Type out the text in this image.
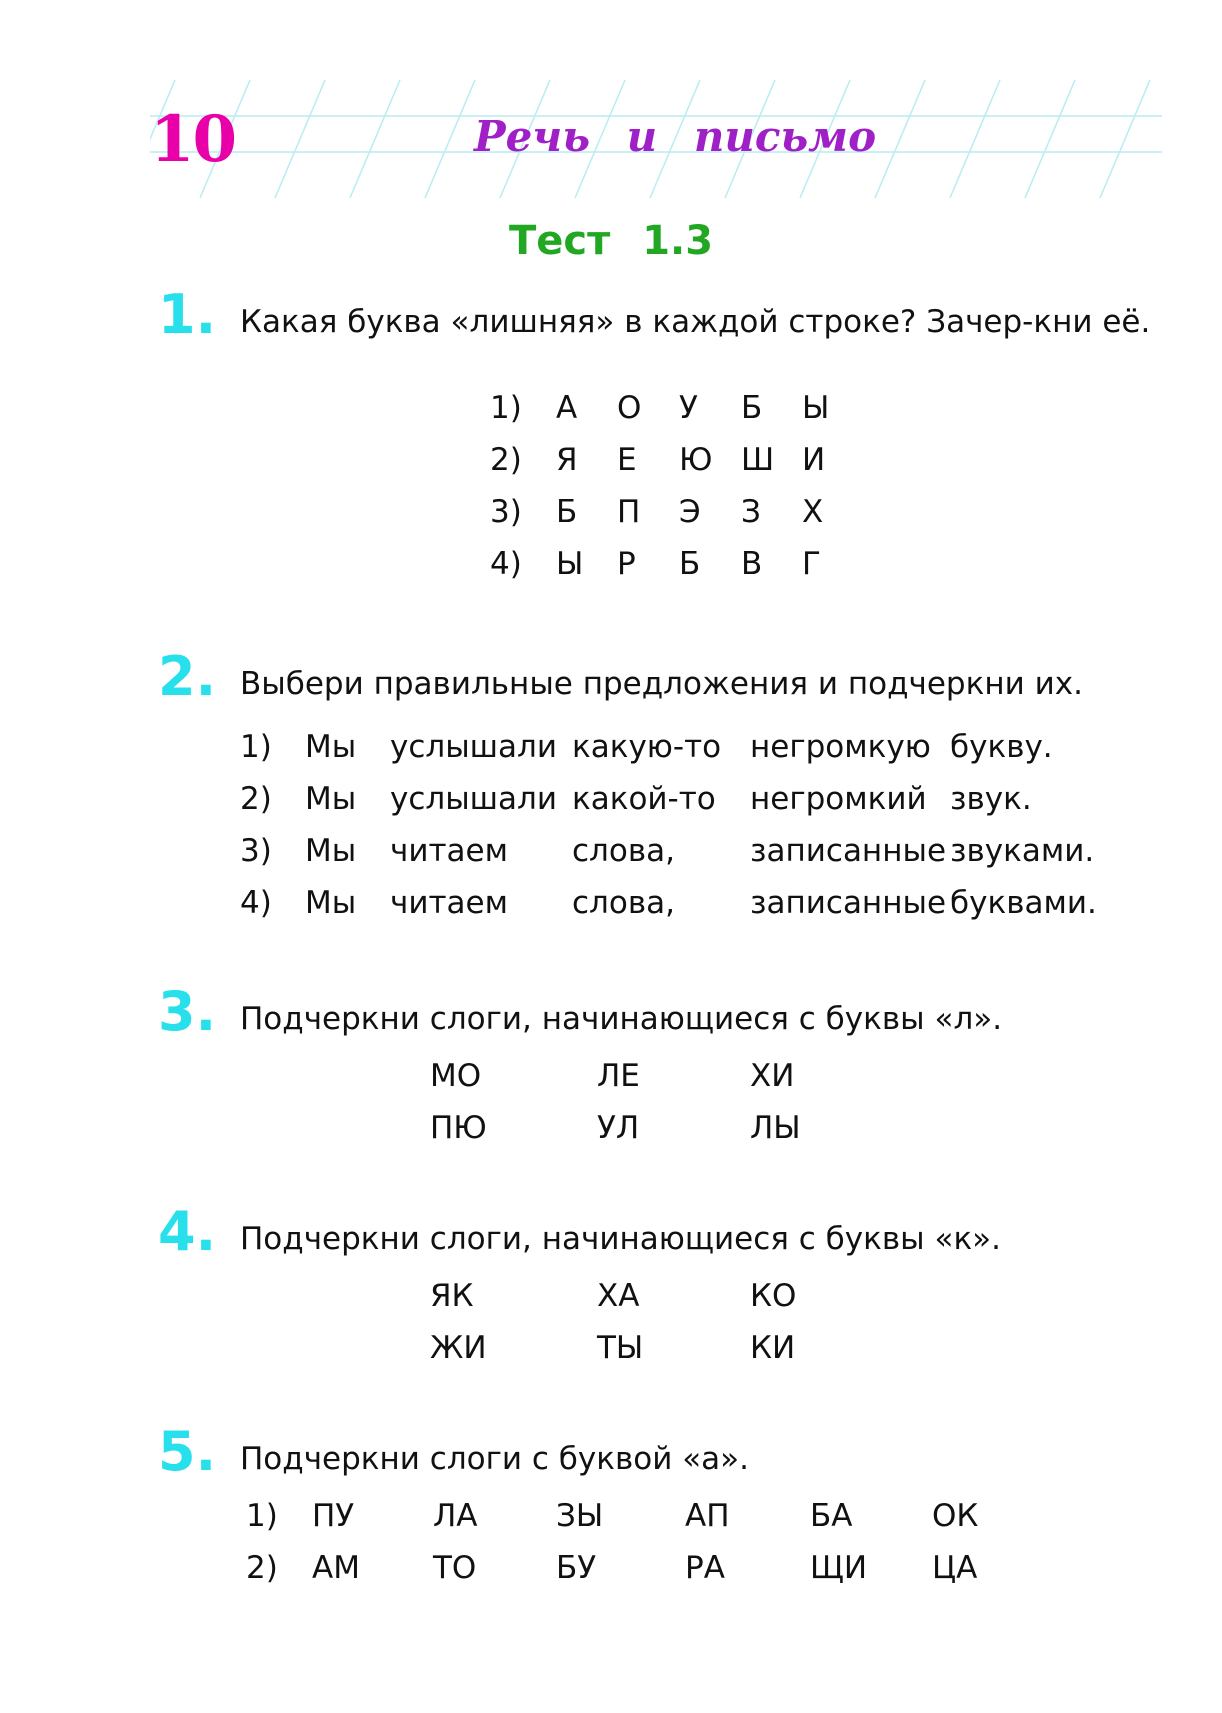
10	Речь и письмо
Тест 1.3
1. Какая буква «лишняя» в каждой строке? Зачер-кни её.
1) А О У Б Ы
2) Я Е Ю Ш И
3) Б П Э З Х
4) Ы Р Б В Г
2. Выбери правильные предложения и подчеркни их.
1) Мы услышали какую-то негромкую букву.
2) Мы услышали какой-то негромкий звук.
3) Мы читаем слова, записанные звуками.
4) Мы читаем слова, записанные буквами.
3. Подчеркни слоги, начинающиеся с буквы «л».
МО	ЛЕ	ХИ
ПЮ	УЛ	ЛЫ
4. Подчеркни слоги, начинающиеся с буквы «к».
ЯК	ХА	КО
ЖИ	ТЫ	КИ
5. Подчеркни слоги с буквой «а».
1) ПУ	ЛА	ЗЫ	АП	БА	ОК
2) АМ ТО	БУ	РА	ЩИ ЦА
